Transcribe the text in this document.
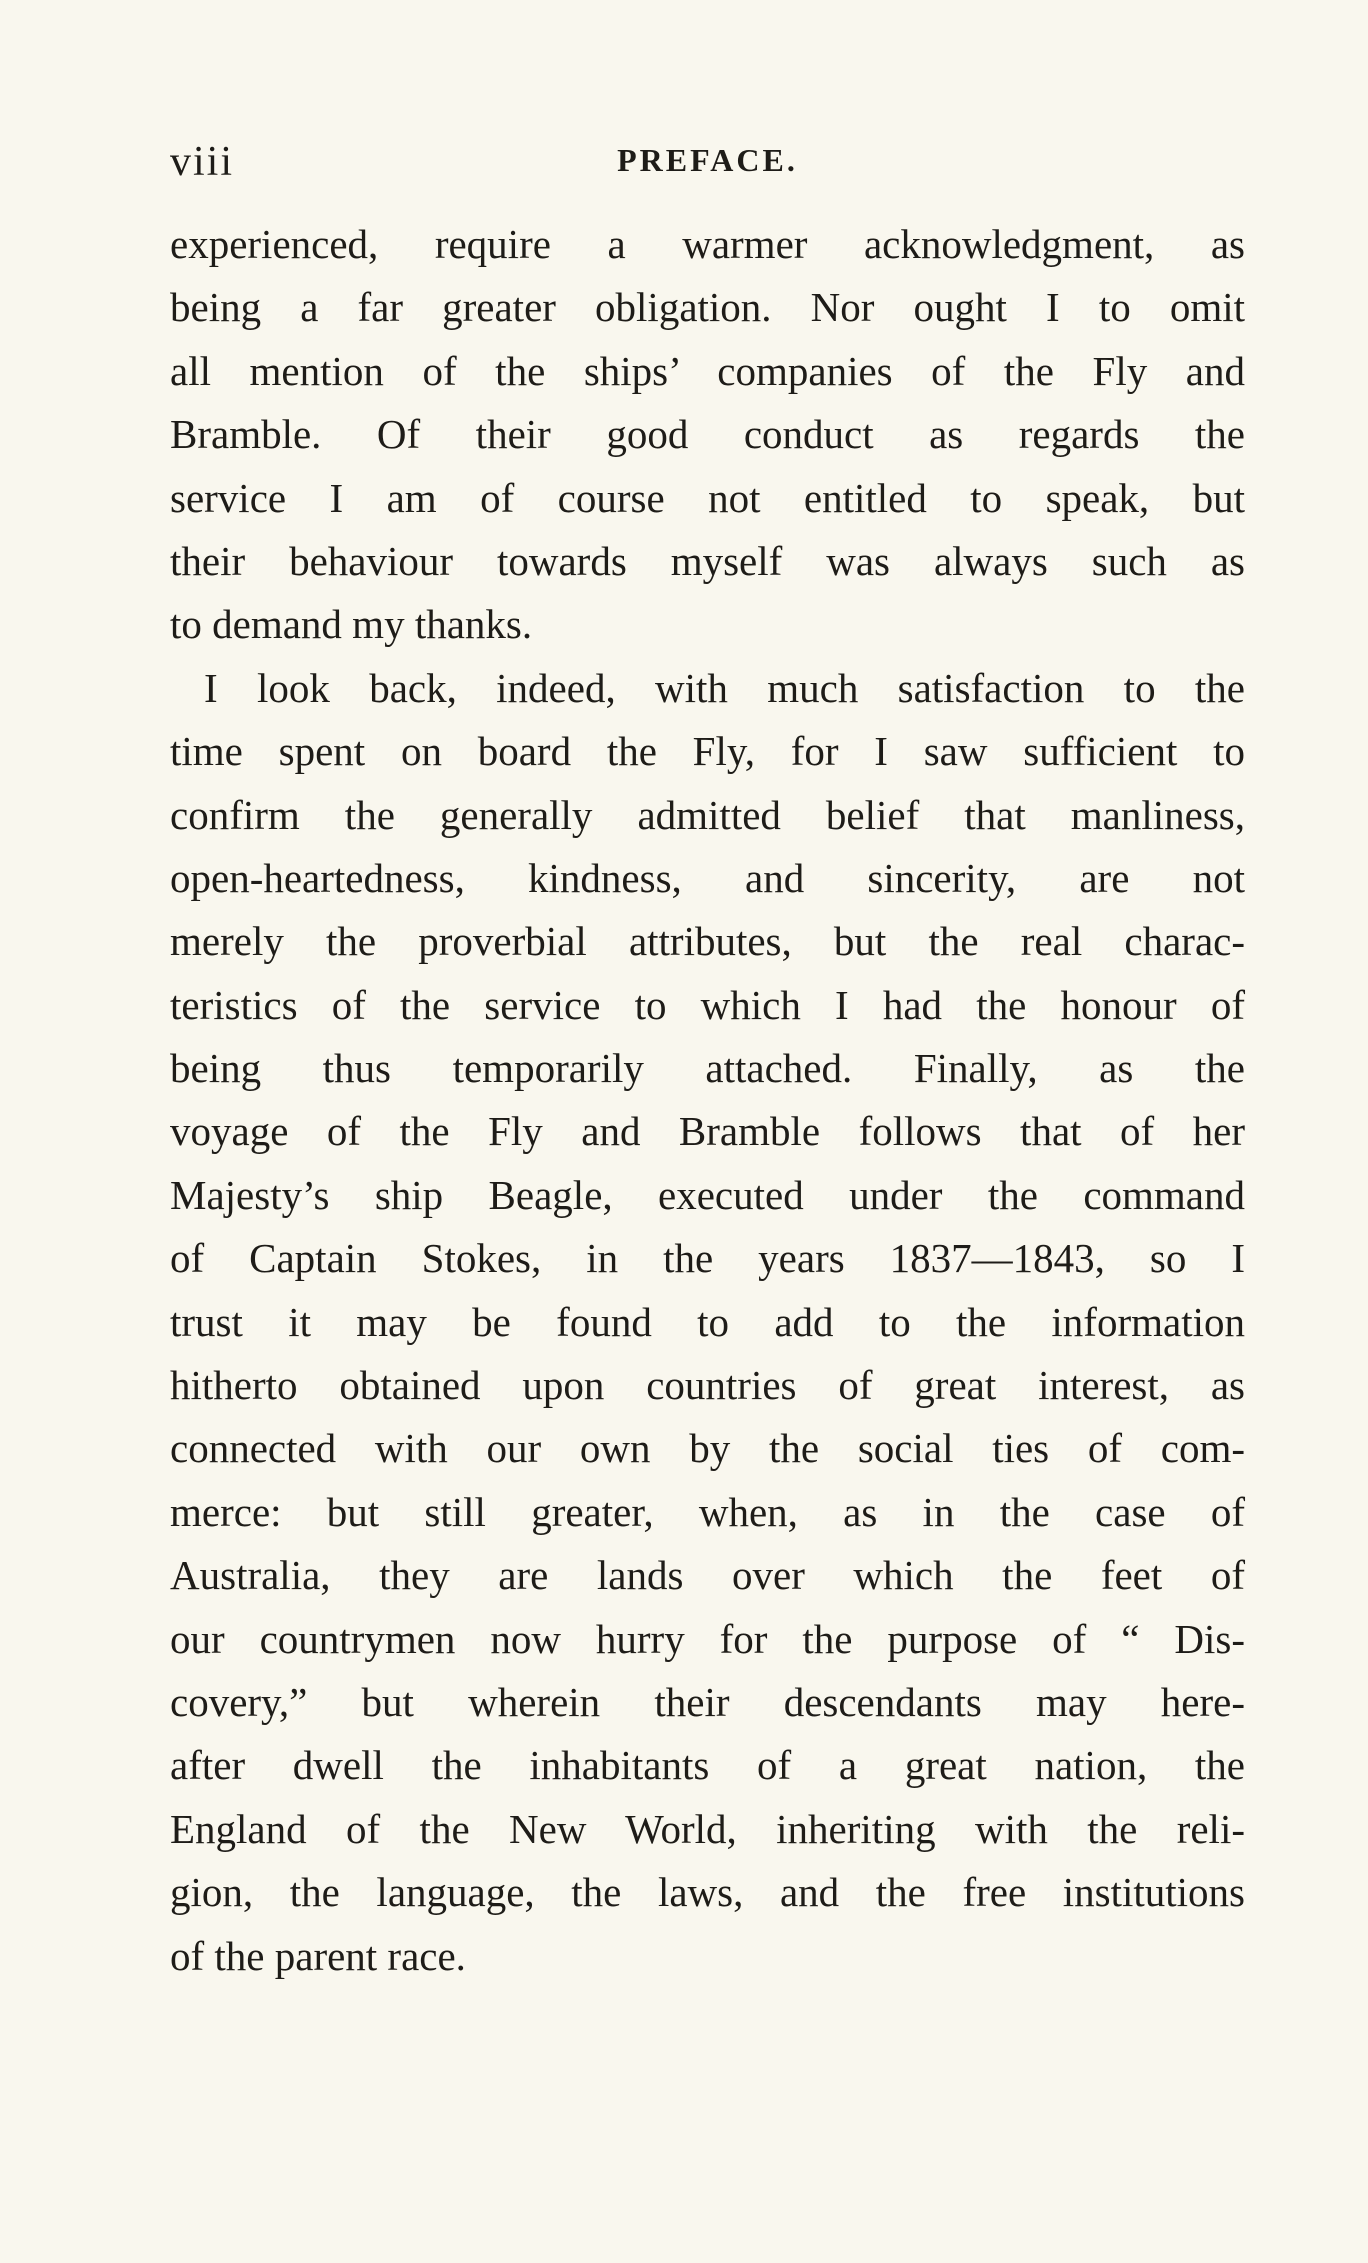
viii	PREFACE.
experienced, require a warmer acknowledgment, as
being a far greater obligation. Nor ought I to omit
all mention of the ships’ companies of the Fly and
Bramble. Of their good conduct as regards the
service I am of course not entitled to speak, but
their behaviour towards myself was always such as
to demand my thanks.
I look back, indeed, with much satisfaction to the
time spent on board the Fly, for I saw sufficient to
confirm the generally admitted belief that manliness,
open-heartedness, kindness, and sincerity, are not
merely the proverbial attributes, but the real charac-
teristics of the service to which I had the honour of
being thus temporarily attached. Finally, as the
voyage of the Fly and Bramble follows that of her
Majesty’s ship Beagle, executed under the command
of Captain Stokes, in the years 1837—1843, so I
trust it may be found to add to the information
hitherto obtained upon countries of great interest, as
connected with our own by the social ties of com-
merce: but still greater, when, as in the case of
Australia, they are lands over which the feet of
our countrymen now hurry for the purpose of “ Dis-
covery,” but wherein their descendants may here-
after dwell the inhabitants of a great nation, the
England of the New World, inheriting with the reli-
gion, the language, the laws, and the free institutions
of the parent race.
